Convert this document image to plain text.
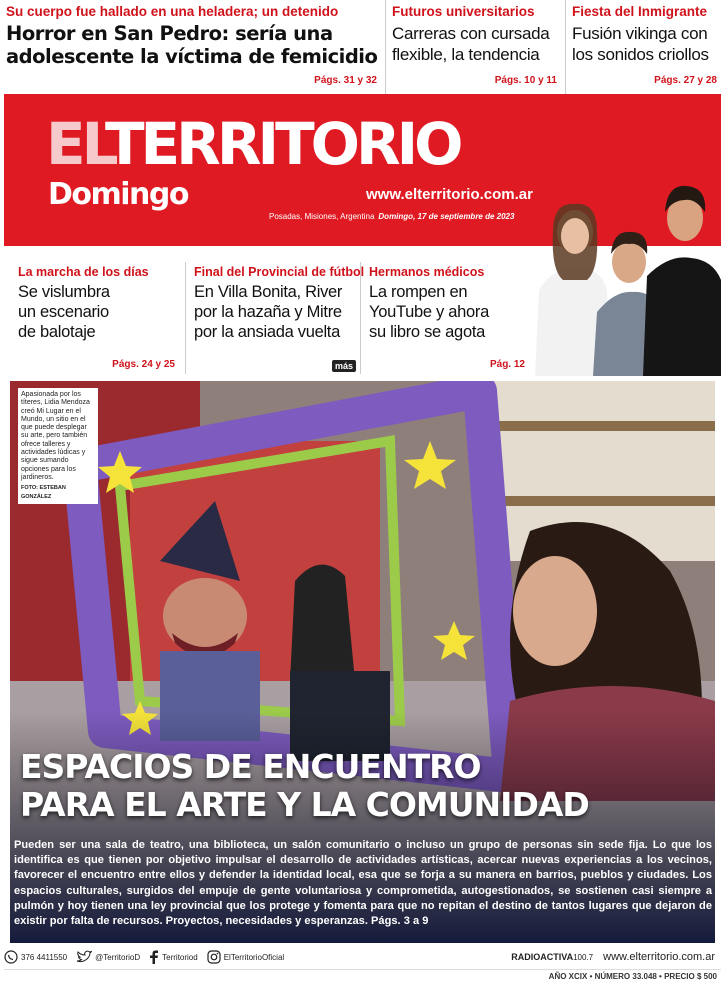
Su cuerpo fue hallado en una heladera; un detenido
Horror en San Pedro: sería una
adolescente la víctima de femicidio
Págs. 31 y 32
Futuros universitarios
Carreras con cursada
flexible, la tendencia
Págs. 10 y 11
Fiesta del Inmigrante
Fusión vikinga con
los sonidos criollos
Págs. 27 y 28
ELTERRITORIO
Domingo	www.elterritorio.com.ar
Posadas, Misiones, Argentina Domingo, 17 de septiembre de 2023
La marcha de los días
Se vislumbra
un escenario
de balotaje
Págs. 24 y 25
Final del Provincial de fútbol
En Villa Bonita, River
por la hazaña y Mitre
por la ansiada vuelta
más
Hermanos médicos
La rompen en
YouTube y ahora
su libro se agota
Pág. 12
Apasionada por los títeres, Lidia Mendoza creó Mi Lugar en el Mundo, un sitio en el que puede desplegar su arte, pero también ofrece talleres y actividades lúdicas y sigue sumando opciones para los jardineros.
FOTO: ESTEBAN GONZÁLEZ
ESPACIOS DE ENCUENTRO
PARA EL ARTE Y LA COMUNIDAD
Pueden ser una sala de teatro, una biblioteca, un salón comunitario o incluso un grupo de personas sin sede fija. Lo que los identifica es que tienen por objetivo impulsar el desarrollo de actividades artísticas, acercar nuevas experiencias a los vecinos, favorecer el encuentro entre ellos y defender la identidad local, esa que se forja a su manera en barrios, pueblos y ciudades. Los espacios culturales, surgidos del empuje de gente voluntariosa y comprometida, autogestionados, se sostienen casi siempre a pulmón y hoy tienen una ley provincial que los protege y fomenta para que no repitan el destino de tantos lugares que dejaron de existir por falta de recursos. Proyectos, necesidades y esperanzas. Págs. 3 a 9
376 4411550	@TerritorioD	Territoriod	ElTerritorioOficial	RADIOACTIVA100.7 www.elterritorio.com.ar
AÑO XCIX • NÚMERO 33.048 • PRECIO $ 500
